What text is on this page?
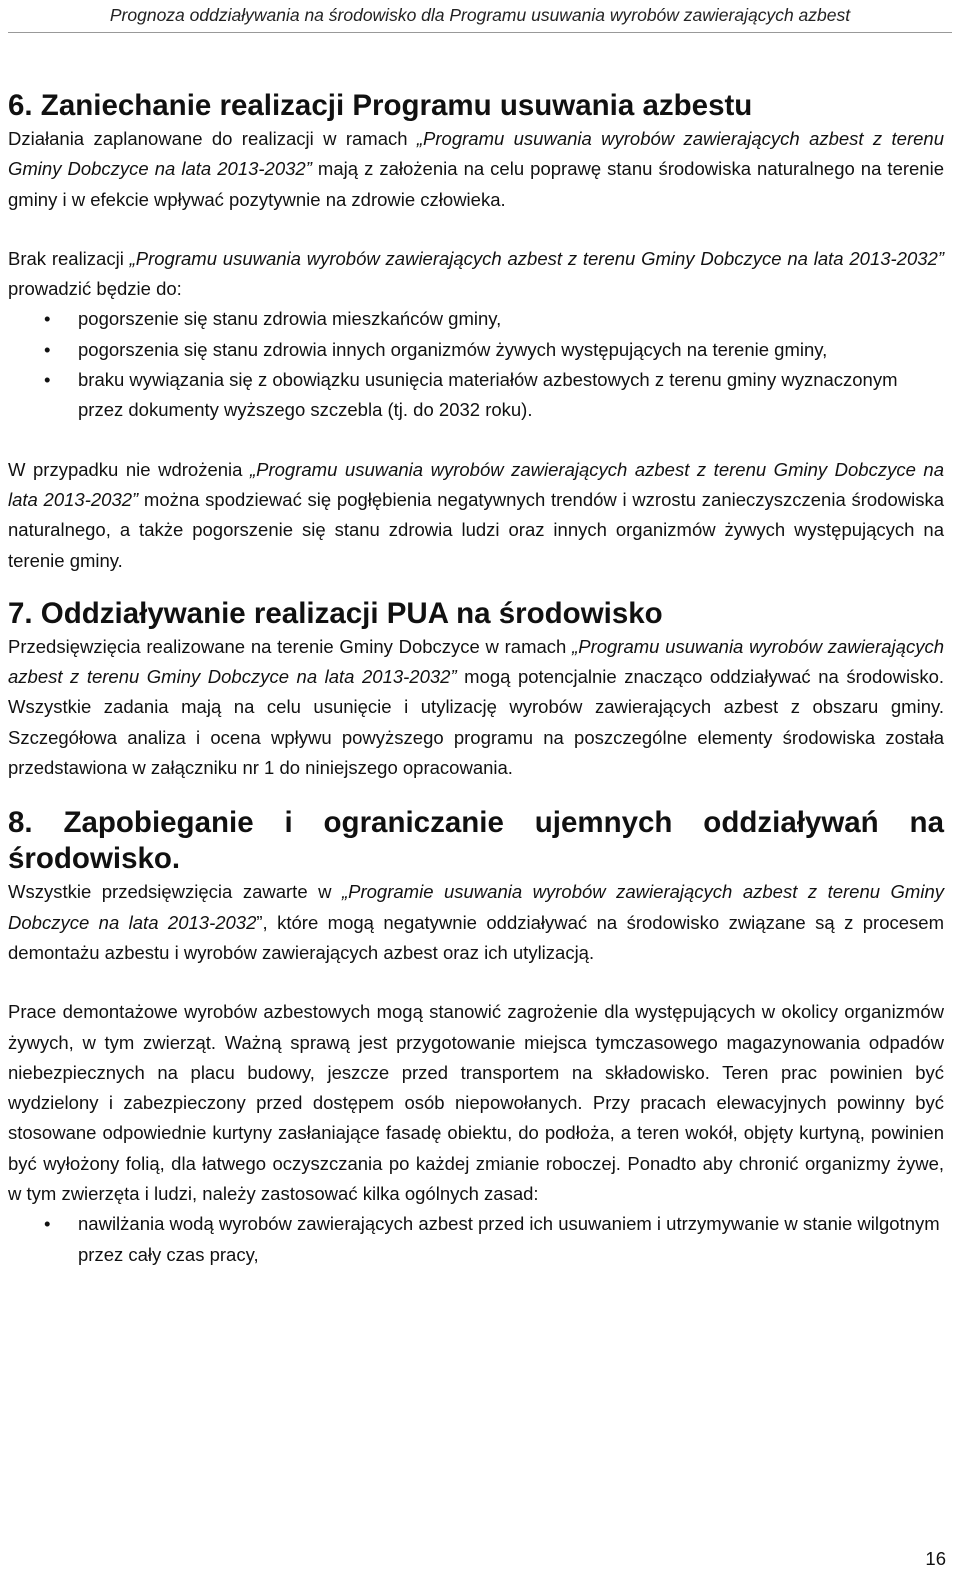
Prognoza oddziaływania na środowisko dla Programu usuwania wyrobów zawierających azbest
6. Zaniechanie realizacji Programu usuwania azbestu

Działania zaplanowane do realizacji w ramach „Programu usuwania wyrobów zawierających azbest z terenu Gminy Dobczyce na lata 2013-2032” mają z założenia na celu poprawę stanu środowiska naturalnego na terenie gminy i w efekcie wpływać pozytywnie na zdrowie człowieka.

Brak realizacji „Programu usuwania wyrobów zawierających azbest z terenu Gminy Dobczyce na lata 2013-2032” prowadzić będzie do:

• pogorszenie się stanu zdrowia mieszkańców gminy,
• pogorszenia się stanu zdrowia innych organizmów żywych występujących na terenie gminy,
• braku wywiązania się z obowiązku usunięcia materiałów azbestowych z terenu gminy wyznaczonym przez dokumenty wyższego szczebla (tj. do 2032 roku).

W przypadku nie wdrożenia „Programu usuwania wyrobów zawierających azbest z terenu Gminy Dobczyce na lata 2013-2032” można spodziewać się pogłębienia negatywnych trendów i wzrostu zanieczyszczenia środowiska naturalnego, a także pogorszenie się stanu zdrowia ludzi oraz innych organizmów żywych występujących na terenie gminy.

7. Oddziaływanie realizacji PUA na środowisko

Przedsięwzięcia realizowane na terenie Gminy Dobczyce w ramach „Programu usuwania wyrobów zawierających azbest z terenu Gminy Dobczyce na lata 2013-2032” mogą potencjalnie znacząco oddziaływać na środowisko. Wszystkie zadania mają na celu usunięcie i utylizację wyrobów zawierających azbest z obszaru gminy. Szczegółowa analiza i ocena wpływu powyższego programu na poszczególne elementy środowiska została przedstawiona w załączniku nr 1 do niniejszego opracowania.

8. Zapobieganie i ograniczanie ujemnych oddziaływań na środowisko.

Wszystkie przedsięwzięcia zawarte w „Programie usuwania wyrobów zawierających azbest z terenu Gminy Dobczyce na lata 2013-2032”, które mogą negatywnie oddziaływać na środowisko związane są z procesem demontażu azbestu i wyrobów zawierających azbest oraz ich utylizacją.

Prace demontażowe wyrobów azbestowych mogą stanowić zagrożenie dla występujących w okolicy organizmów żywych, w tym zwierząt. Ważną sprawą jest przygotowanie miejsca tymczasowego magazynowania odpadów niebezpiecznych na placu budowy, jeszcze przed transportem na składowisko. Teren prac powinien być wydzielony i zabezpieczony przed dostępem osób niepowołanych. Przy pracach elewacyjnych powinny być stosowane odpowiednie kurtyny zasłaniające fasadę obiektu, do podłoża, a teren wokół, objęty kurtyną, powinien być wyłożony folią, dla łatwego oczyszczania po każdej zmianie roboczej. Ponadto aby chronić organizmy żywe, w tym zwierzęta i ludzi, należy zastosować kilka ogólnych zasad:

• nawilżania wodą wyrobów zawierających azbest przed ich usuwaniem i utrzymywanie w stanie wilgotnym przez cały czas pracy,
16
